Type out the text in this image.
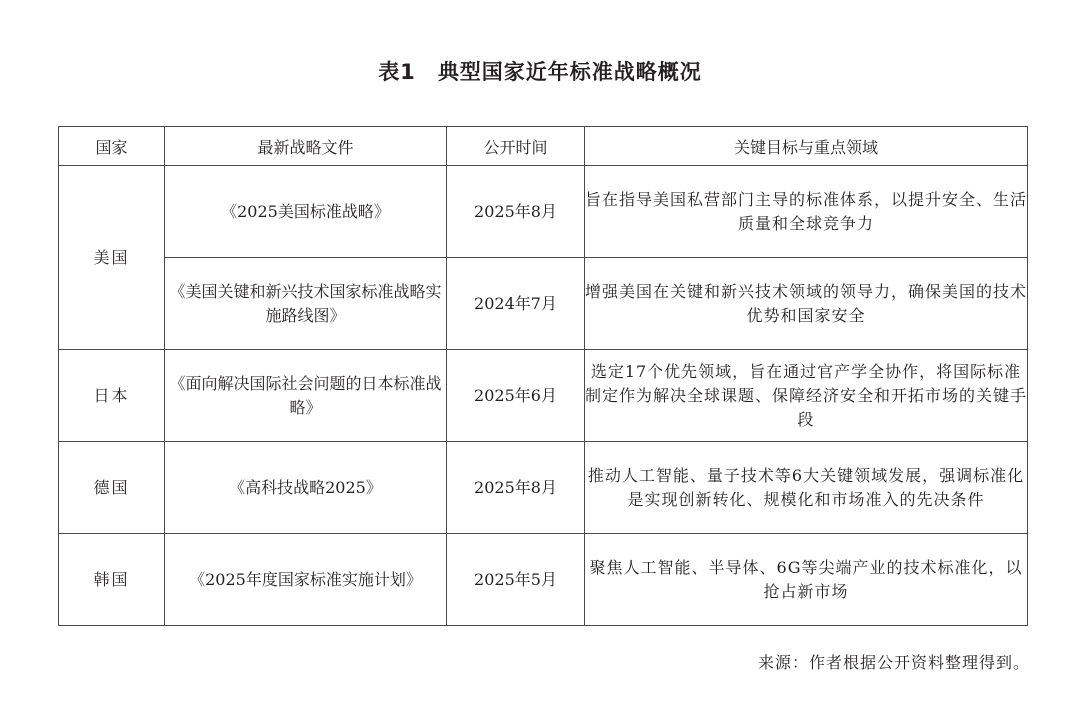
表1 典型国家近年标准战略概况
国家	最新战略文件	公开时间	关键目标与重点领域
美国	《2025美国标准战略》	2025年8月	旨在指导美国私营部门主导的标准体系，以提升安全、生活质量和全球竞争力
	《美国关键和新兴技术国家标准战略实施路线图》	2024年7月	增强美国在关键和新兴技术领域的领导力，确保美国的技术优势和国家安全
日本	《面向解决国际社会问题的日本标准战略》	2025年6月	选定17个优先领域，旨在通过官产学全协作，将国际标准制定作为解决全球课题、保障经济安全和开拓市场的关键手段
德国	《高科技战略2025》	2025年8月	推动人工智能、量子技术等6大关键领域发展，强调标准化是实现创新转化、规模化和市场准入的先决条件
韩国	《2025年度国家标准实施计划》	2025年5月	聚焦人工智能、半导体、6G等尖端产业的技术标准化，以抢占新市场
来源：作者根据公开资料整理得到。
